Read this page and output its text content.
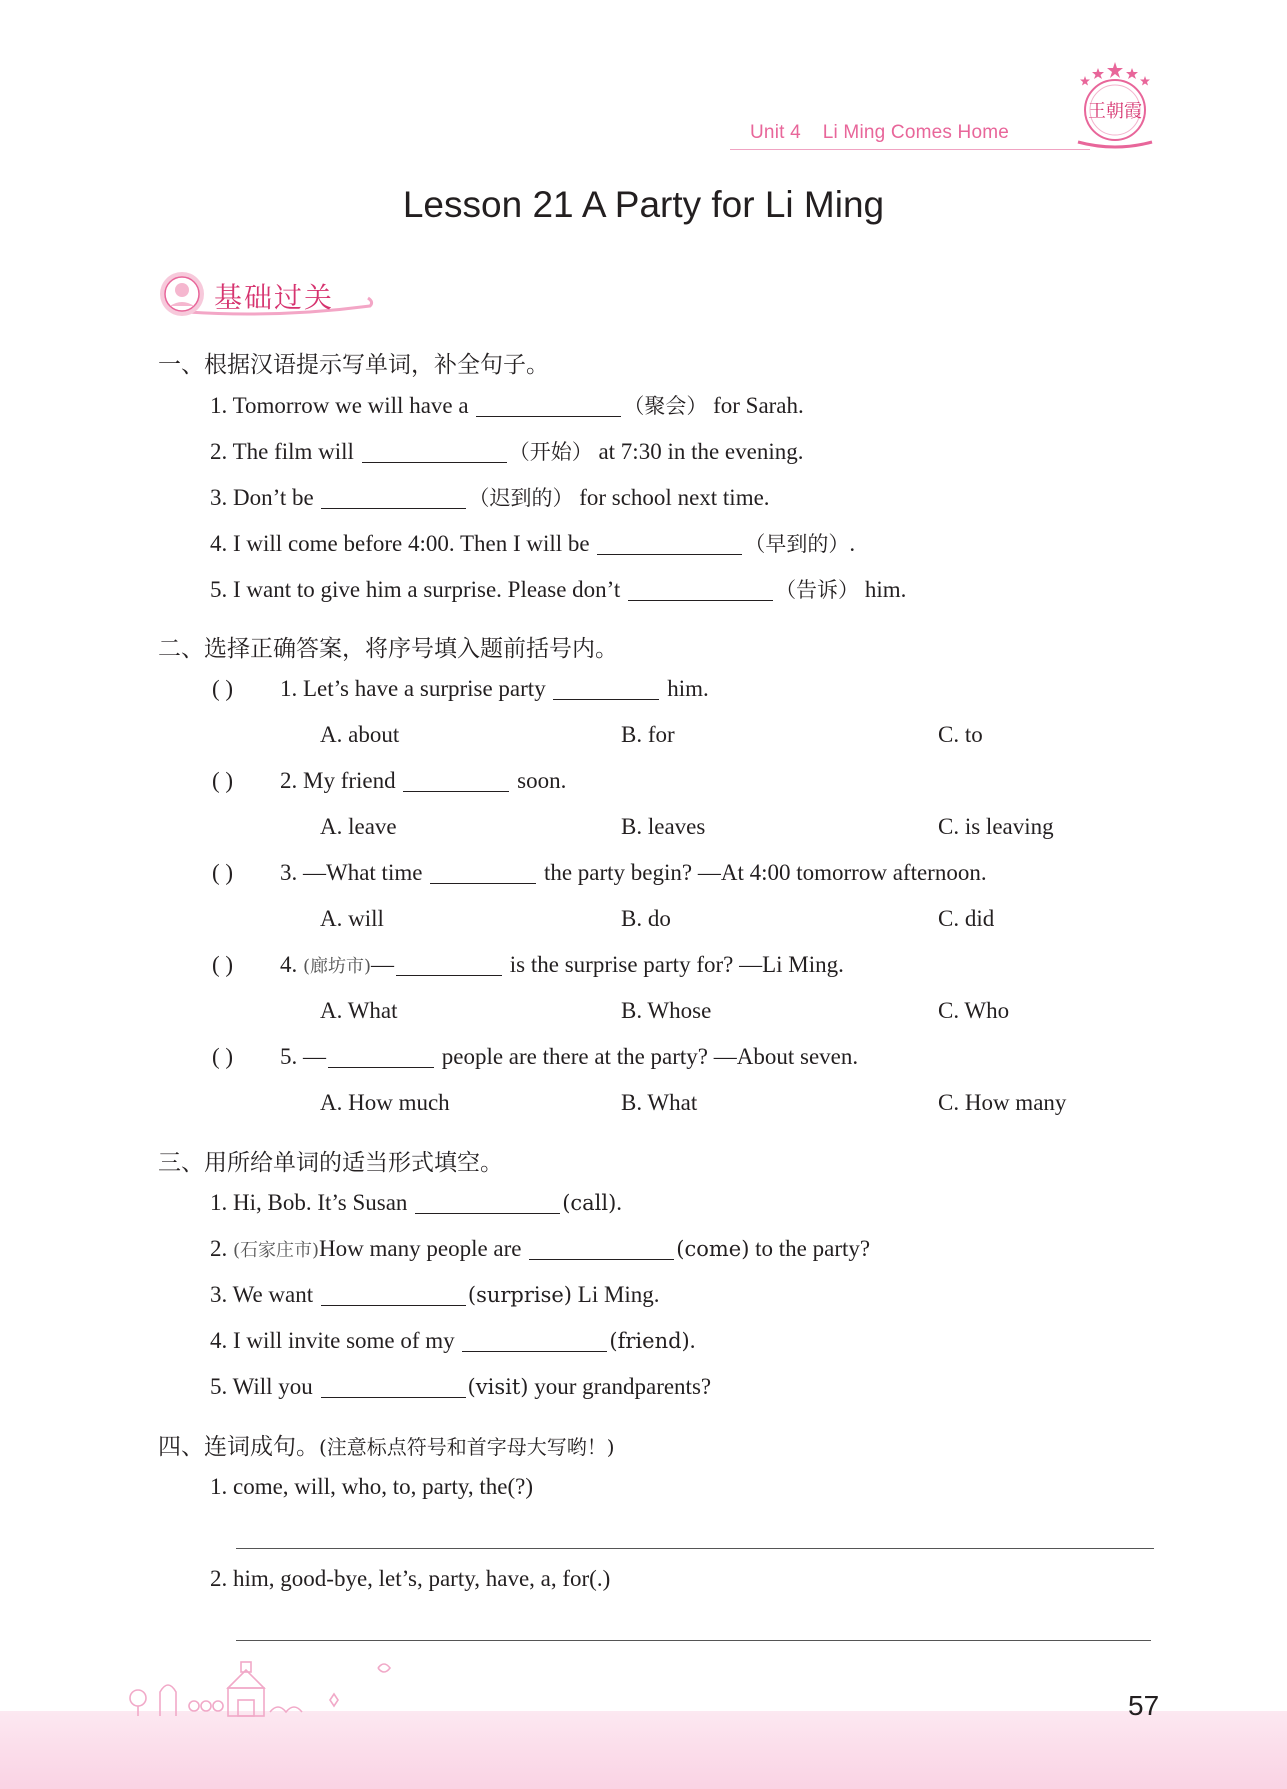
Unit 4 Li Ming Comes Home
王朝霞
Lesson 21 A Party for Li Ming
基础过关
一、根据汉语提示写单词，补全句子。
1. Tomorrow we will have a	（聚会） for Sarah.
2. The film will	（开始） at 7:30 in the evening.
3. Don’t be	（迟到的） for school next time.
4. I will come before 4:00. Then I will be	（早到的）.
5. I want to give him a surprise. Please don’t	（告诉） him.
二、选择正确答案，将序号填入题前括号内。
( ) 1. Let’s have a surprise party	him.
A. about	B. for	C. to
( ) 2. My friend	soon.
A. leave	B. leaves	C. is leaving
( ) 3. —What time	the party begin? —At 4:00 tomorrow afternoon.
A. will	B. do	C. did
( ) 4. (廊坊市)—	is the surprise party for? —Li Ming.
A. What	B. Whose	C. Who
( ) 5. —	people are there at the party? —About seven.
A. How much	B. What	C. How many
三、用所给单词的适当形式填空。
1. Hi, Bob. It’s Susan	(call).
2. (石家庄市)How many people are	(come) to the party?
3. We want	(surprise) Li Ming.
4. I will invite some of my	(friend).
5. Will you	(visit) your grandparents?
四、连词成句。(注意标点符号和首字母大写哟！)
1. come, will, who, to, party, the(?)
2. him, good-bye, let’s, party, have, a, for(.)
57
